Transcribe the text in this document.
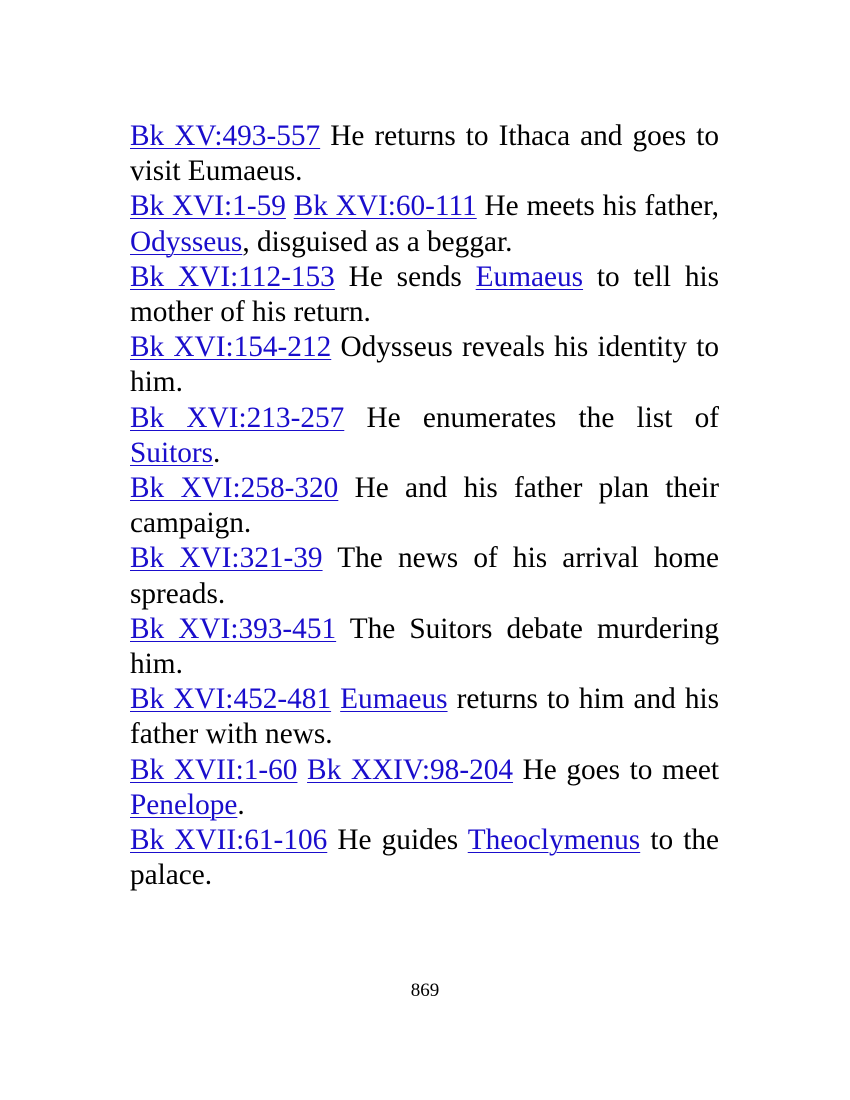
Bk XV:493-557 He returns to Ithaca and goes to visit Eumaeus.

Bk XVI:1-59 Bk XVI:60-111 He meets his father, Odysseus, disguised as a beggar.

Bk XVI:112-153 He sends Eumaeus to tell his mother of his return.

Bk XVI:154-212 Odysseus reveals his identity to him.

Bk XVI:213-257 He enumerates the list of Suitors.

Bk XVI:258-320 He and his father plan their campaign.

Bk XVI:321-39 The news of his arrival home spreads.

Bk XVI:393-451 The Suitors debate murdering him.

Bk XVI:452-481 Eumaeus returns to him and his father with news.

Bk XVII:1-60 Bk XXIV:98-204 He goes to meet Penelope.

Bk XVII:61-106 He guides Theoclymenus to the palace.

869
